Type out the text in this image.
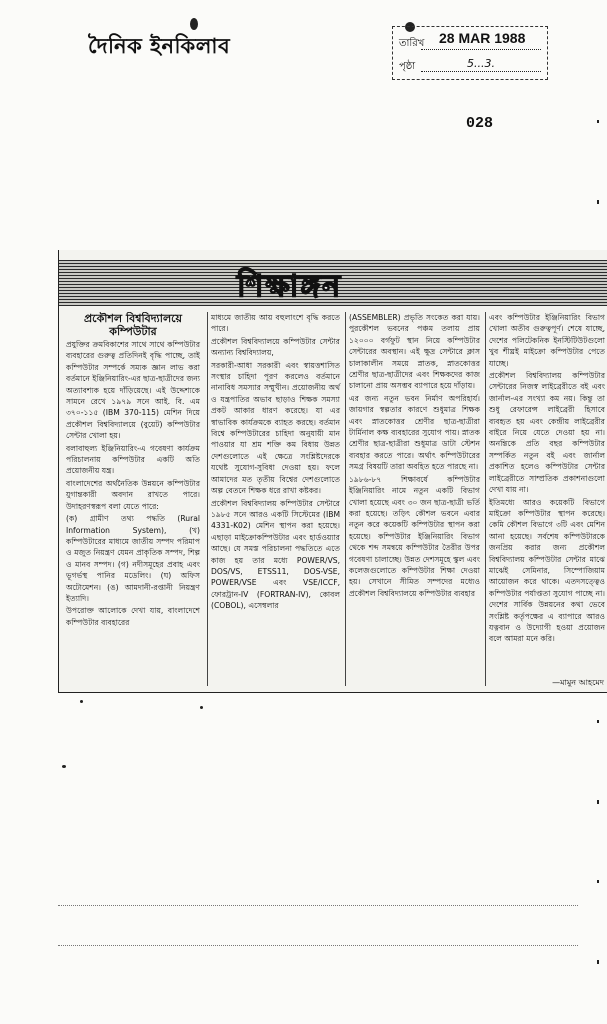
দৈনিক ইনকিলাব	28 MAR 1988
তারিখ
পৃষ্ঠা	5...3.
028
শিক্ষাঙ্গন

প্রকৌশল বিশ্ববিদ্যালয়ে কম্পিউটার

প্রযুক্তির ক্রমবিকাশের সাথে সাথে কম্পিউটার ব্যবহারের গুরুত্ব প্রতিদিনই বৃদ্ধি পাচ্ছে, তাই কম্পিউটার সম্পর্কে সম্যক জ্ঞান লাভ করা বর্তমানে ইঞ্জিনিয়ারিং-এর ছাত্র-ছাত্রীদের জন্য অত্যাবশ্যক হয়ে দাঁড়িয়েছে। এই উদ্দেশ্যকে সামনে রেখে ১৯৭৯ সনে আই. বি. এম ৩৭০-১১৫ (IBM 370-115) মেশিন দিয়ে প্রকৌশল বিশ্ববিদ্যালয়ে (বুয়েট) কম্পিউটার সেন্টার খোলা হয়।

বলাবাহুল্য ইঞ্জিনিয়ারিং-এ গবেষণা কার্যক্রম পরিচালনায় কম্পিউটার একটি অতি প্রয়োজনীয় যন্ত্র।

বাংলাদেশের অর্থনৈতিক উন্নয়নে কম্পিউটার যুগান্তকারী অবদান রাখতে পারে। উদাহরণস্বরূপ বলা যেতে পারে:

(ক) গ্রামীণ তথ্য পদ্ধতি (Rural Information System), (খ) কম্পিউটারের মাধ্যমে জাতীয় সম্পদ পরিমাপ ও মজুত নিয়ন্ত্রণ যেমন প্রাকৃতিক সম্পদ, শিল্প ও মানব সম্পদ। (গ) নদীসমূহের প্রবাহ এবং ভূগর্ভস্থ পানির মডেলিং। (ঘ) অফিস অটোমেশন। (ঙ) আমদানী-রপ্তানী নিয়ন্ত্রণ ইত্যাদি।

উপরোক্ত আলোকে দেখা যায়, বাংলাদেশে কম্পিউটার ব্যবহারের

মাধ্যমে জাতীয় আয় বহুলাংশে বৃদ্ধি করতে পারে।

প্রকৌশল বিশ্ববিদ্যালয়ে কম্পিউটার সেন্টার অন্যান্য বিশ্ববিদ্যালয়,

সরকারী-আধা সরকারী এবং স্বায়ত্তশাসিত সংস্থার চাহিদা পূরণ করলেও বর্তমানে নানাবিধ সমস্যার সম্মুখীন। প্রয়োজনীয় অর্থ ও যন্ত্রপাতির অভাব ছাড়াও শিক্ষক সমস্যা প্রকট আকার ধারণ করেছে। যা এর স্বাভাবিক কার্যক্রমকে ব্যাহত করছে। বর্তমান বিশ্বে কম্পিউটারের চাহিদা অনুযায়ী মান পাওয়ার যা শ্রম শক্তি কম বিধায় উন্নত দেশগুলোতে এই ক্ষেত্রে সংশ্লিষ্টদেরকে যথেষ্ট সুযোগ-সুবিধা দেওয়া হয়। ফলে আমাদের মত তৃতীয় বিশ্বের দেশগুলোতে অল্প বেতনে শিক্ষক ধরে রাখা কষ্টকর।

প্রকৌশল বিশ্ববিদ্যালয় কম্পিউটার সেন্টারে ১৯৮৫ সনে আরও একটি সিস্টেমের (IBM 4331-K02) মেশিন স্থাপন করা হয়েছে। এছাড়া মাইক্রোকম্পিউটার এবং হার্ডওয়্যার আছে। যে সমস্ত পরিচালনা পদ্ধতিতে এতে কাজ হয় তার মধ্যে POWER/VS, DOS/VS, ETSS11, DOS-VSE, POWER/VSE এবং VSE/ICCF, ফোরট্রান-IV (FORTRAN-IV), কোবল (COBOL), এসেম্বলার

(ASSEMBLER) প্রভৃতি সংকেত করা যায়। পুরকৌশল ভবনের পঞ্চম তলায় প্রায় ১২০০০ বর্গফুট স্থান নিয়ে কম্পিউটার সেন্টারের অবস্থান। এই ক্ষুদ্র সেন্টারে ক্লাস চালাকালীন সময়ে স্নাতক, স্নাতকোত্তর শ্রেণীর ছাত্র-ছাত্রীদের এবং শিক্ষকদের কাজ চালানো প্রায় অসম্ভব ব্যাপারে হয়ে দাঁড়ায়।

এর জন্য নতুন ভবন নির্মাণ অপরিহার্য। জায়গার স্বল্পতার কারণে শুধুমাত্র শিক্ষক এবং স্নাতকোত্তর শ্রেণীর ছাত্র-ছাত্রীরা টার্মিনাল কক্ষ ব্যবহারের সুযোগ পায়। স্নাতক শ্রেণীর ছাত্র-ছাত্রীরা শুধুমাত্র ডাটা স্টেশন ব্যবহার করতে পারে। অর্থাৎ কম্পিউটারের সমগ্র বিষয়টি তারা অবহিত হতে পারছে না।

১৯৮৬-৮৭ শিক্ষাবর্ষে কম্পিউটার ইঞ্জিনিয়ারিং নামে নতুন একটি বিভাগ খোলা হয়েছে এবং ৩০ জন ছাত্র-ছাত্রী ভর্তি করা হয়েছে। তড়িৎ কৌশল ভবনে এবার নতুন করে কয়েকটি কম্পিউটার স্থাপন করা হয়েছে। কম্পিউটার ইঞ্জিনিয়ারিং বিভাগ থেকে শব্দ সমন্বয়ে কম্পিউটার তৈরীর উপর গবেষণা চালাচ্ছে। উন্নত দেশসমূহে স্কুল এবং কলেজগুলোতে কম্পিউটার শিক্ষা দেওয়া হয়। সেখানে সীমিত সম্পদের মধ্যেও প্রকৌশল বিশ্ববিদ্যালয়ে কম্পিউটার ব্যবহার

এবং কম্পিউটার ইঞ্জিনিয়ারিং বিভাগ খোলা অতীব গুরুত্বপূর্ণ। শেষে যাচ্ছে, দেশের পলিটেকনিক ইনস্টিটিউটগুলো খুব শীঘ্রই মাইক্রো কম্পিউটার পেতে যাচ্ছে।

প্রকৌশল বিশ্ববিদ্যালয় কম্পিউটার সেন্টারের নিজস্ব লাইব্রেরীতে বই এবং জার্নাল-এর সংখ্যা কম নয়। কিন্তু তা শুধু রেফারেন্স লাইব্রেরী হিসাবে ব্যবহৃত হয় এবং কেন্দ্রীয় লাইব্রেরীর বাইরে নিয়ে যেতে দেওয়া হয় না। অনন্তিকে প্রতি বছর কম্পিউটার সম্পর্কিত নতুন বই এবং জার্নাল প্রকাশিত হলেও কম্পিউটার সেন্টার লাইব্রেরীতে সাম্প্রতিক প্রকাশনাগুলো দেখা যায় না।

ইতিমধ্যে আরও কয়েকটি বিভাগে মাইক্রো কম্পিউটার স্থাপন করেছে। কেমি কৌশল বিভাগে ৩টি এবং মেশিন আনা হয়েছে। সর্বশেষ কম্পিউটারকে জনপ্রিয় করার জন্য প্রকৌশল বিশ্ববিদ্যালয় কম্পিউটার সেন্টার মাঝে মাঝেই সেমিনার, সিম্পোজিয়াম আয়োজন করে থাকে। এতদসত্ত্বেও কম্পিউটার পর্যাপ্ততা সুযোগ পাচ্ছে না। দেশের সার্বিক উন্নয়নের কথা ভেবে সংশ্লিষ্ট কর্তৃপক্ষের এ ব্যাপারে আরও যত্নবান ও উদ্যোগী হওয়া প্রয়োজন বলে আমরা মনে করি।

—মামুন আহমেদ
